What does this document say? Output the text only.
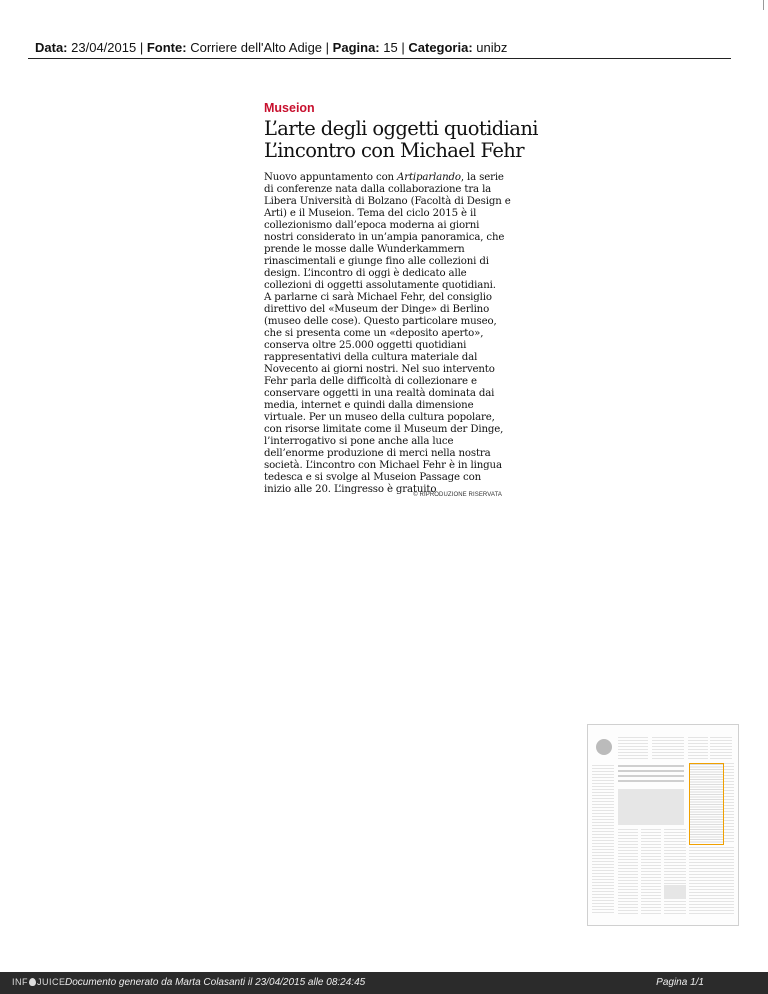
Data: 23/04/2015 | Fonte: Corriere dell'Alto Adige | Pagina: 15 | Categoria: unibz
Museion
L’arte degli oggetti quotidiani
L’incontro con Michael Fehr
Nuovo appuntamento con Artiparlando, la serie
di conferenze nata dalla collaborazione tra la
Libera Università di Bolzano (Facoltà di Design e
Arti) e il Museion. Tema del ciclo 2015 è il
collezionismo dall’epoca moderna ai giorni
nostri considerato in un’ampia panoramica, che
prende le mosse dalle Wunderkammern
rinascimentali e giunge fino alle collezioni di
design. L’incontro di oggi è dedicato alle
collezioni di oggetti assolutamente quotidiani.
A parlarne ci sarà Michael Fehr, del consiglio
direttivo del «Museum der Dinge» di Berlino
(museo delle cose). Questo particolare museo,
che si presenta come un «deposito aperto»,
conserva oltre 25.000 oggetti quotidiani
rappresentativi della cultura materiale dal
Novecento ai giorni nostri. Nel suo intervento
Fehr parla delle difficoltà di collezionare e
conservare oggetti in una realtà dominata dai
media, internet e quindi dalla dimensione
virtuale. Per un museo della cultura popolare,
con risorse limitate come il Museum der Dinge,
l’interrogativo si pone anche alla luce
dell’enorme produzione di merci nella nostra
società. L’incontro con Michael Fehr è in lingua
tedesca e si svolge al Museion Passage con
inizio alle 20. L’ingresso è gratuito
© RIPRODUZIONE RISERVATA
INF JUICE Documento generato da Marta Colasanti il 23/04/2015 alle 08:24:45	Pagina 1/1
